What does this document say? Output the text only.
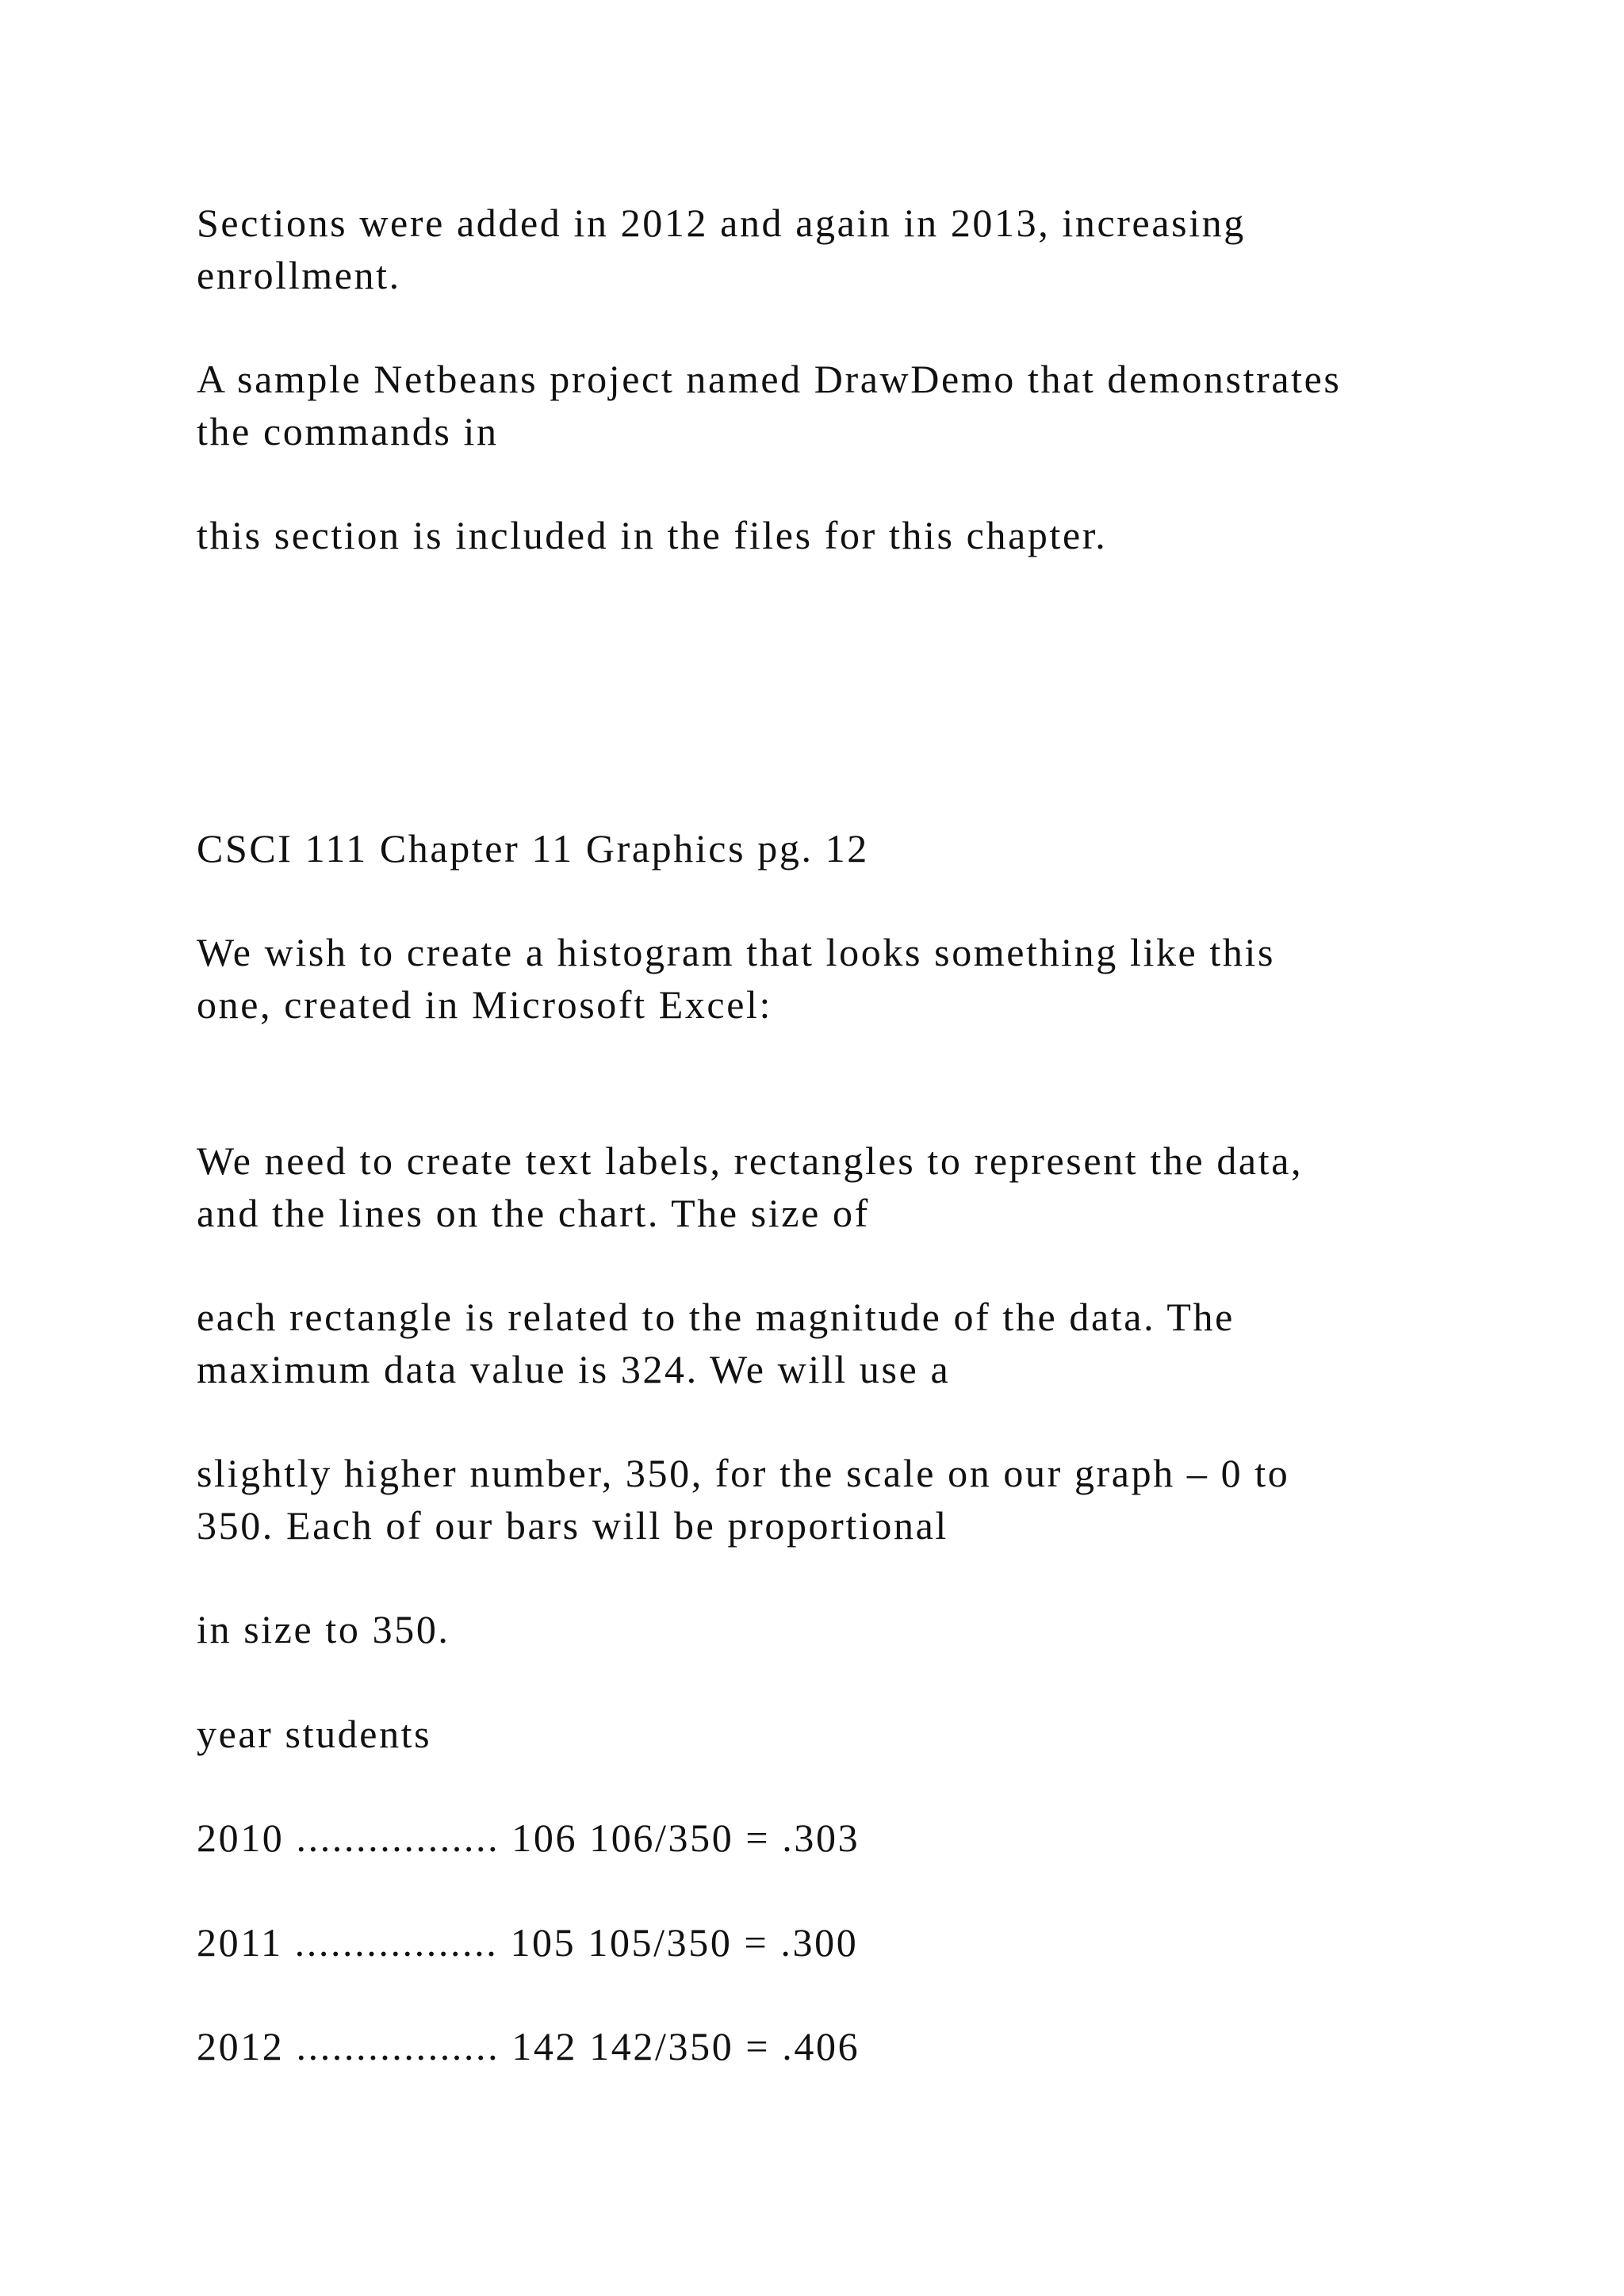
Sections were added in 2012 and again in 2013, increasing
enrollment.

A sample Netbeans project named DrawDemo that demonstrates
the commands in

this section is included in the files for this chapter.

CSCI 111 Chapter 11 Graphics pg. 12

We wish to create a histogram that looks something like this
one, created in Microsoft Excel:

We need to create text labels, rectangles to represent the data,
and the lines on the chart. The size of

each rectangle is related to the magnitude of the data. The
maximum data value is 324. We will use a

slightly higher number, 350, for the scale on our graph – 0 to
350. Each of our bars will be proportional

in size to 350.

year students

2010 ................. 106 106/350 = .303

2011 ................. 105 105/350 = .300

2012 ................. 142 142/350 = .406
